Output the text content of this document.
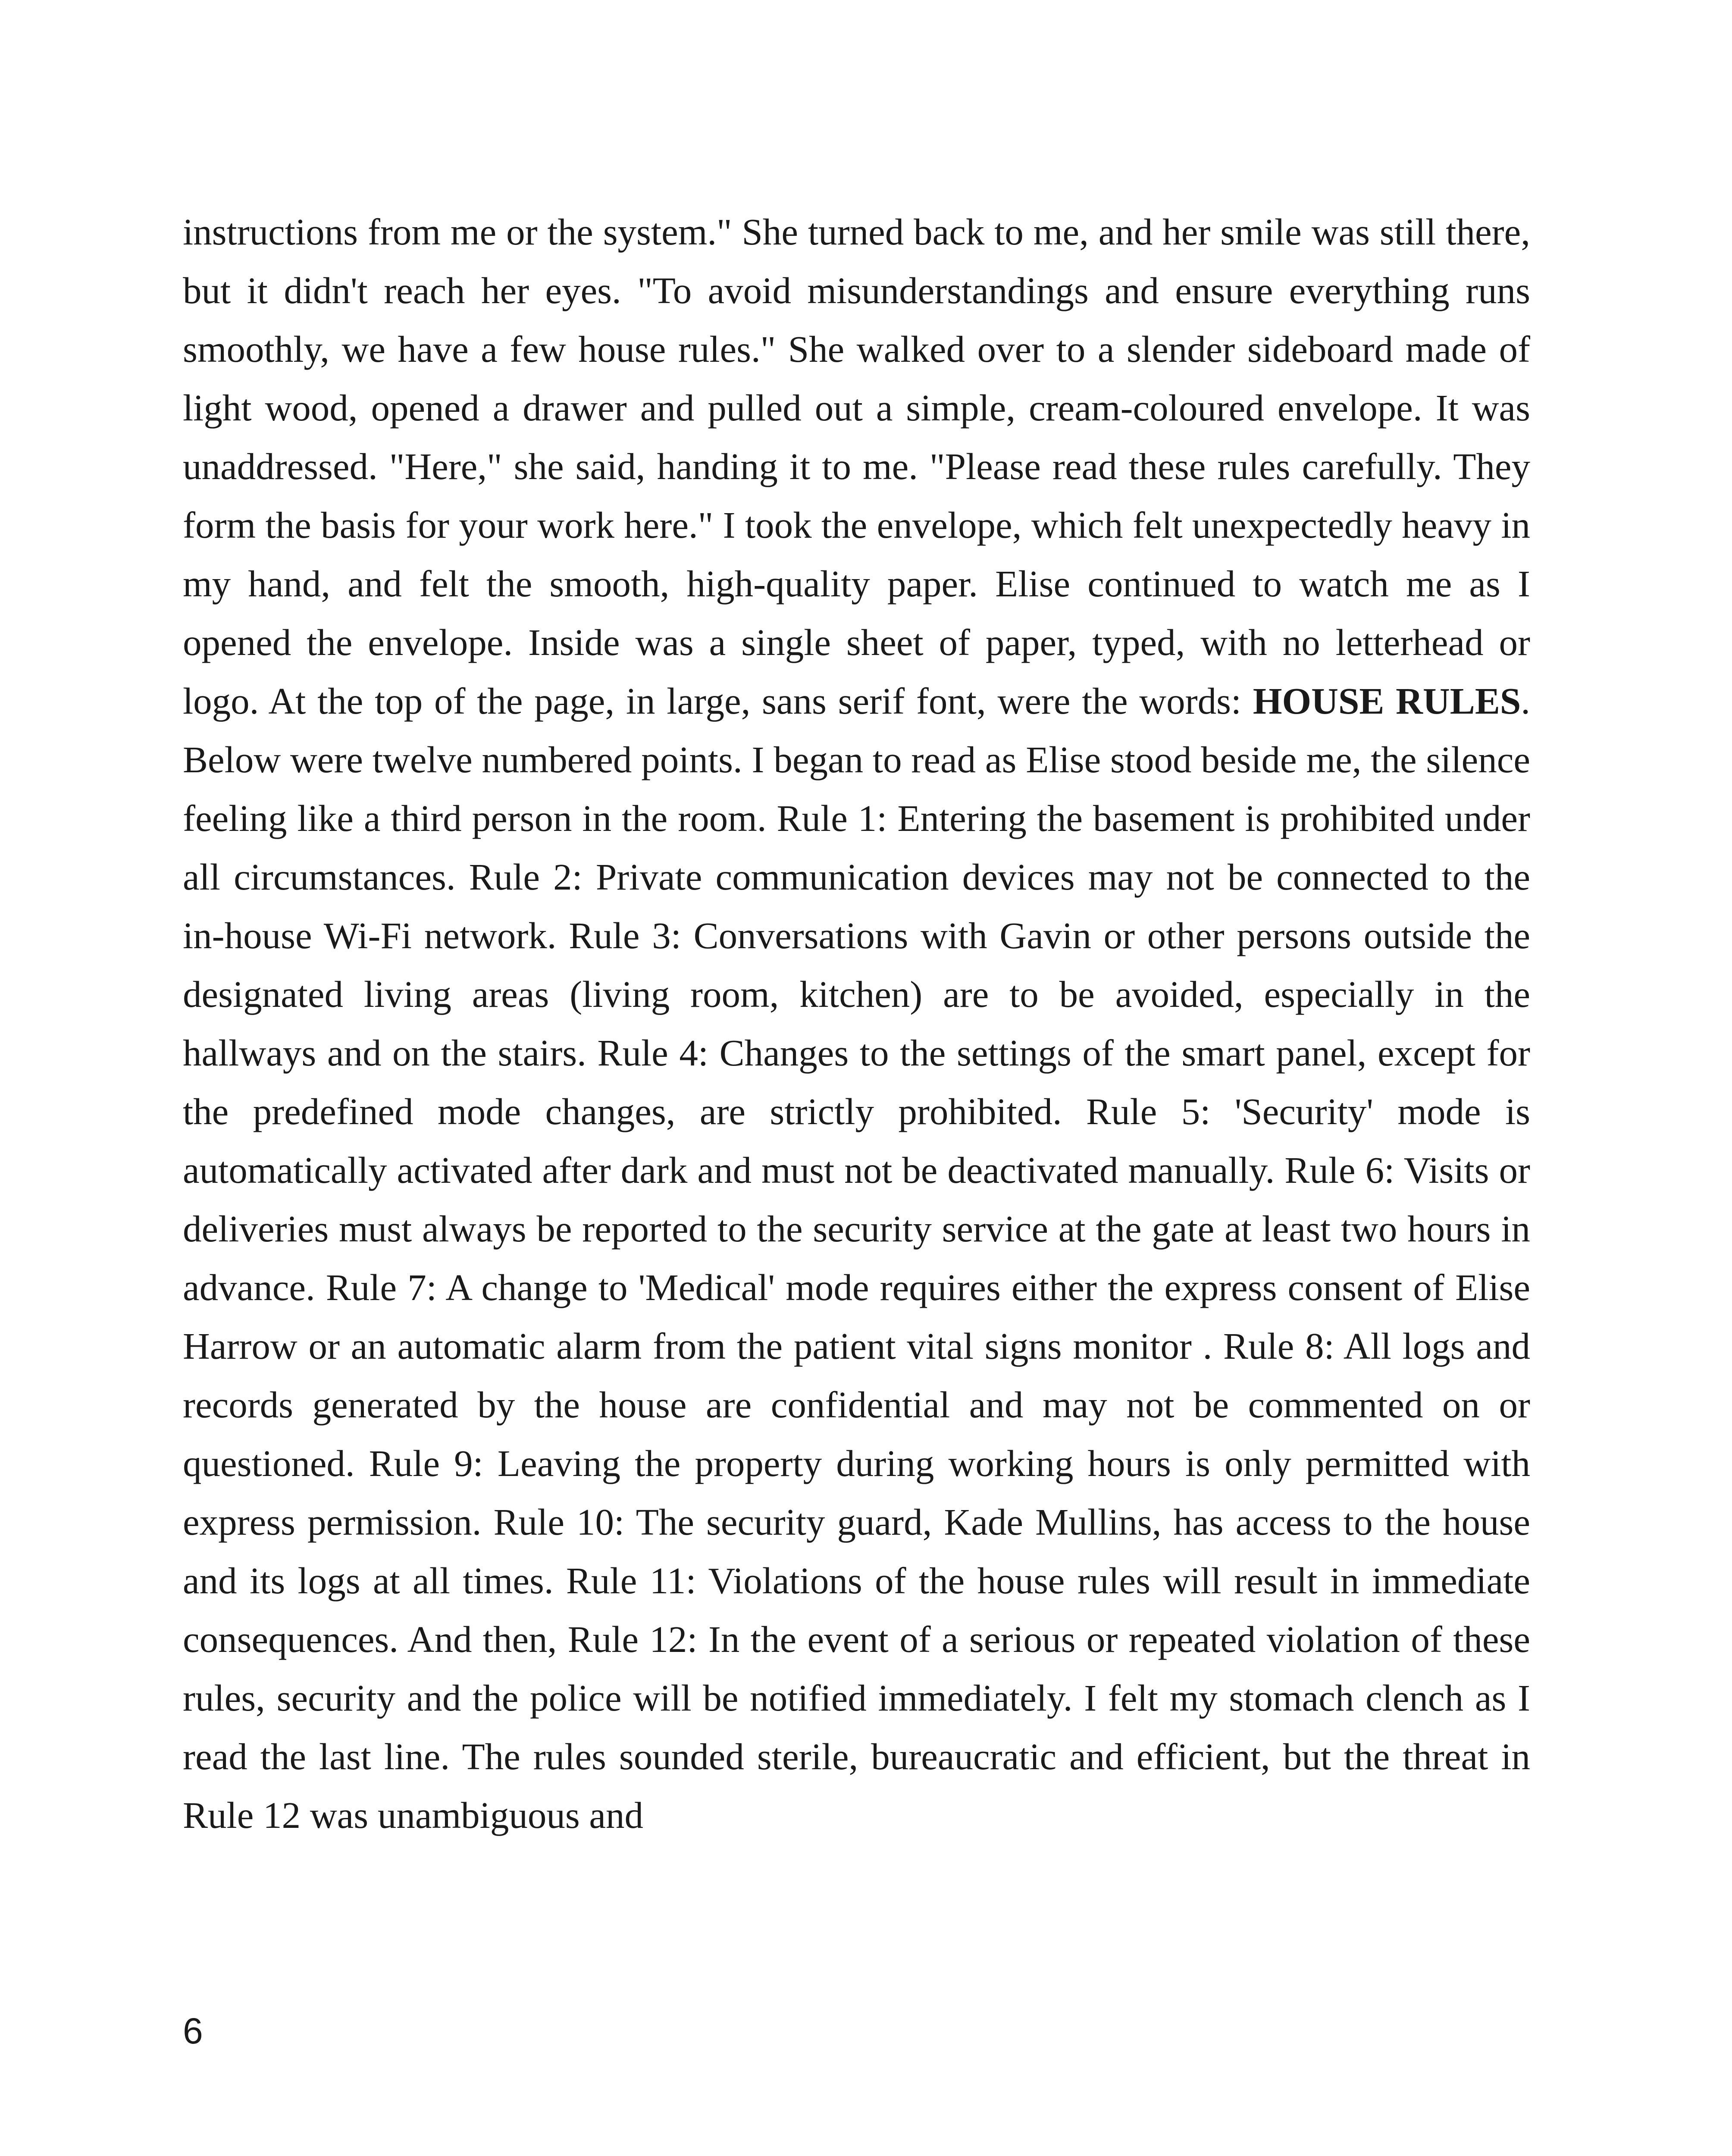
instructions from me or the system." She turned back to me, and her smile was still there, but it didn't reach her eyes. "To avoid misunderstandings and ensure everything runs smoothly, we have a few house rules." She walked over to a slender sideboard made of light wood, opened a drawer and pulled out a simple, cream-coloured envelope. It was unaddressed. "Here," she said, handing it to me. "Please read these rules carefully. They form the basis for your work here." I took the envelope, which felt unexpectedly heavy in my hand, and felt the smooth, high-quality paper. Elise continued to watch me as I opened the envelope. Inside was a single sheet of paper, typed, with no letterhead or logo. At the top of the page, in large, sans serif font, were the words: HOUSE RULES. Below were twelve numbered points. I began to read as Elise stood beside me, the silence feeling like a third person in the room. Rule 1: Entering the basement is prohibited under all circumstances. Rule 2: Private communication devices may not be connected to the in-house Wi-Fi network. Rule 3: Conversations with Gavin or other persons outside the designated living areas (living room, kitchen) are to be avoided, especially in the hallways and on the stairs. Rule 4: Changes to the settings of the smart panel, except for the predefined mode changes, are strictly prohibited. Rule 5: 'Security' mode is automatically activated after dark and must not be deactivated manually. Rule 6: Visits or deliveries must always be reported to the security service at the gate at least two hours in advance. Rule 7: A change to 'Medical' mode requires either the express consent of Elise Harrow or an automatic alarm from the patient vital signs monitor . Rule 8: All logs and records generated by the house are confidential and may not be commented on or questioned. Rule 9: Leaving the property during working hours is only permitted with express permission. Rule 10: The security guard, Kade Mullins, has access to the house and its logs at all times. Rule 11: Violations of the house rules will result in immediate consequences. And then, Rule 12: In the event of a serious or repeated violation of these rules, security and the police will be notified immediately. I felt my stomach clench as I read the last line. The rules sounded sterile, bureaucratic and efficient, but the threat in Rule 12 was unambiguous and

6
